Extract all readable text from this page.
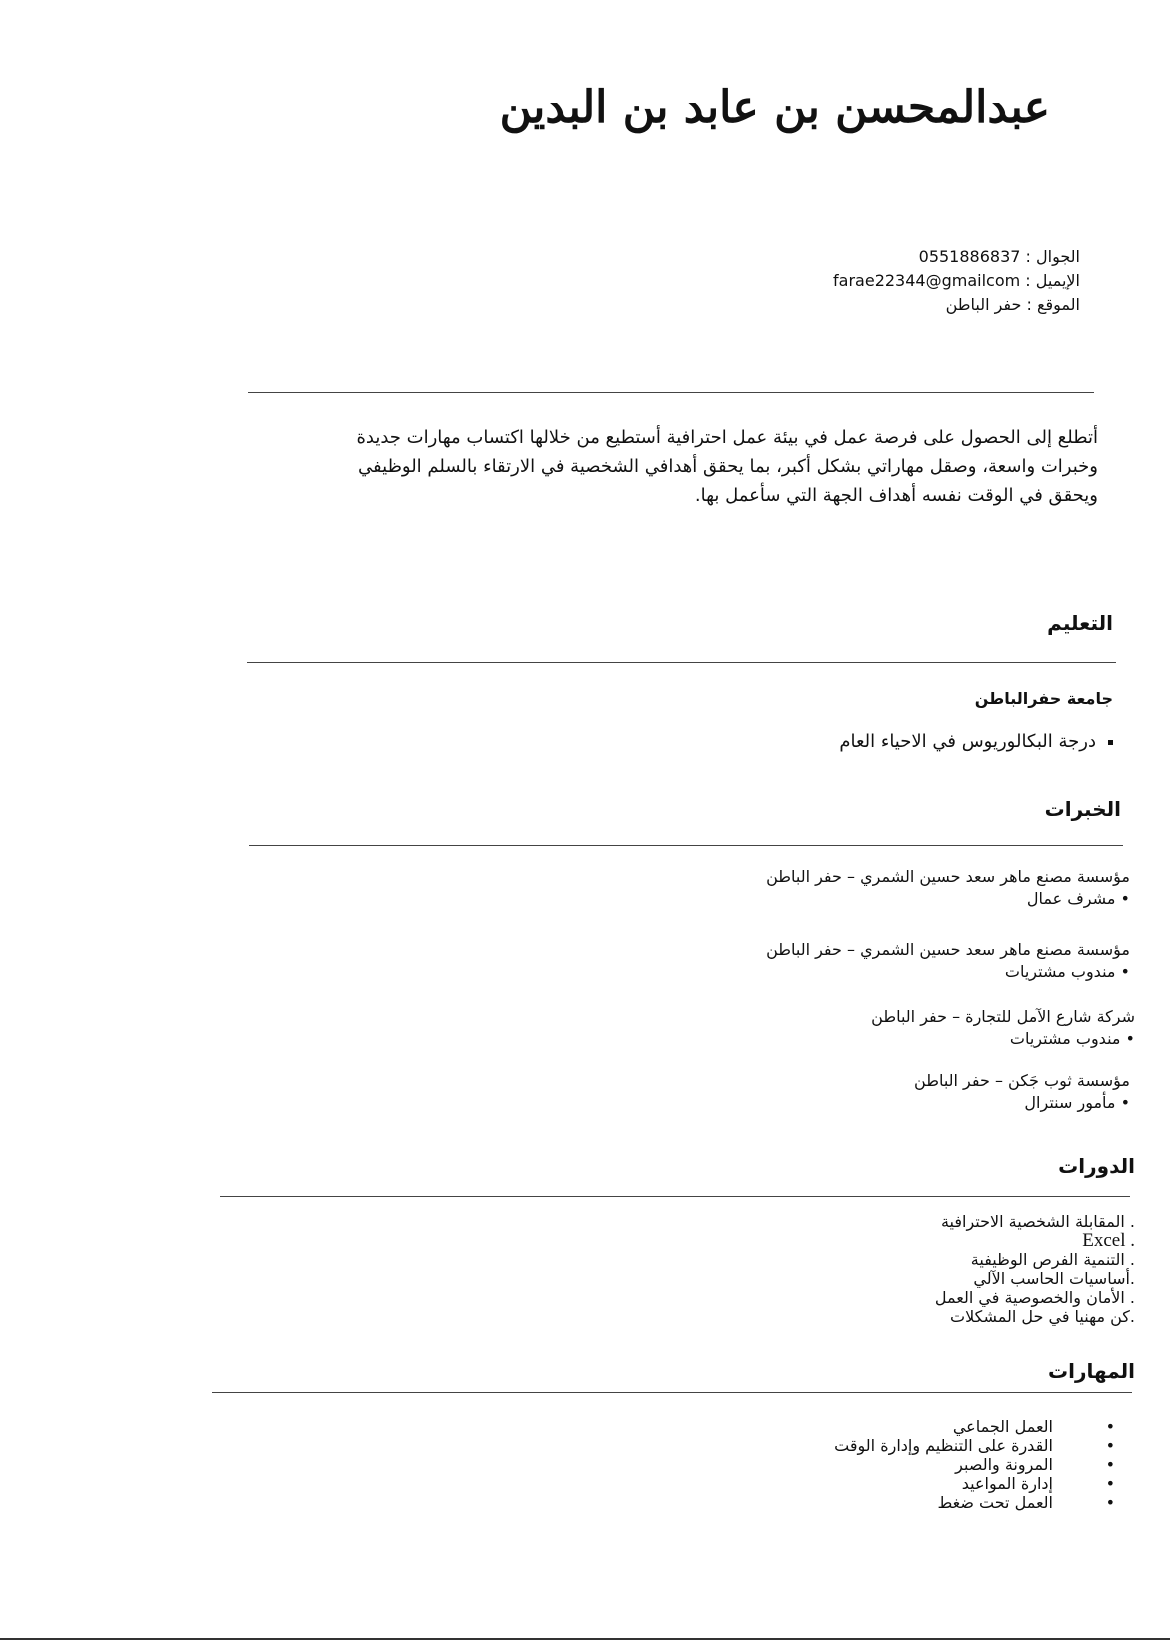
عبدالمحسن بن عابد بن البدين
الجوال : 0551886837
الإيميل : farae22344@gmailcom
الموقع : حفر الباطن
أتطلع إلى الحصول على فرصة عمل في بيئة عمل احترافية أستطيع من خلالها اكتساب مهارات جديدة
وخبرات واسعة، وصقل مهاراتي بشكل أكبر، بما يحقق أهدافي الشخصية في الارتقاء بالسلم الوظيفي
ويحقق في الوقت نفسه أهداف الجهة التي سأعمل بها.
التعليم
جامعة حفرالباطن
درجة البكالوريوس في الاحياء العام
الخبرات
مؤسسة مصنع ماهر سعد حسين الشمري – حفر الباطن
• مشرف عمال
مؤسسة مصنع ماهر سعد حسين الشمري – حفر الباطن
• مندوب مشتريات
شركة شارع الآمل للتجارة – حفر الباطن
• مندوب مشتريات
مؤسسة ثوب جَكن – حفر الباطن
• مأمور سنترال
الدورات
. المقابلة الشخصية الاحترافية
. Excel
. التنمية الفرص الوظيفية
.أساسيات الحاسب الآلي
. الأمان والخصوصية في العمل
.كن مهنيا في حل المشكلات
المهارات
•
العمل الجماعي
•
القدرة على التنظيم وإدارة الوقت
•
المرونة والصبر
•
إدارة المواعيد
•
العمل تحت ضغط
